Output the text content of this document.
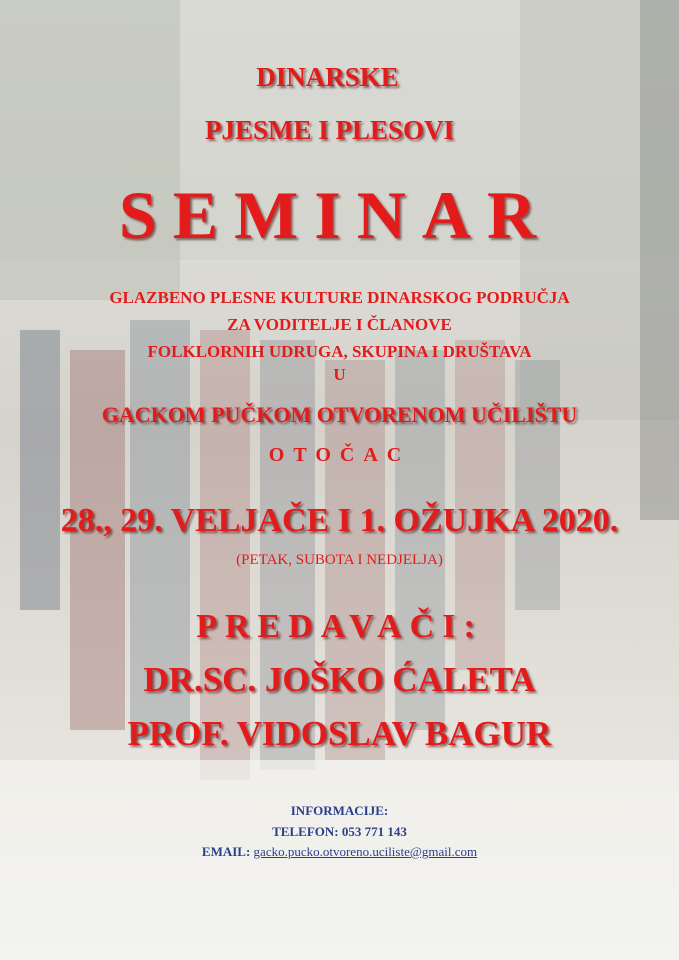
DINARSKE

PJESME I PLESOVI

SEMINAR

GLAZBENO PLESNE KULTURE DINARSKOG PODRUČJA

ZA VODITELJE I ČLANOVE

FOLKLORNIH UDRUGA, SKUPINA I DRUŠTAVA

U

GACKOM PUČKOM OTVORENOM UČILIŠTU

OTOČAC

28., 29. VELJAČE I 1. OŽUJKA 2020.

(PETAK, SUBOTA I NEDJELJA)

PREDAVAČI:

DR.SC. JOŠKO ĆALETA

PROF. VIDOSLAV BAGUR

INFORMACIJE:
TELEFON: 053 771 143
EMAIL: gacko.pucko.otvoreno.uciliste@gmail.com
